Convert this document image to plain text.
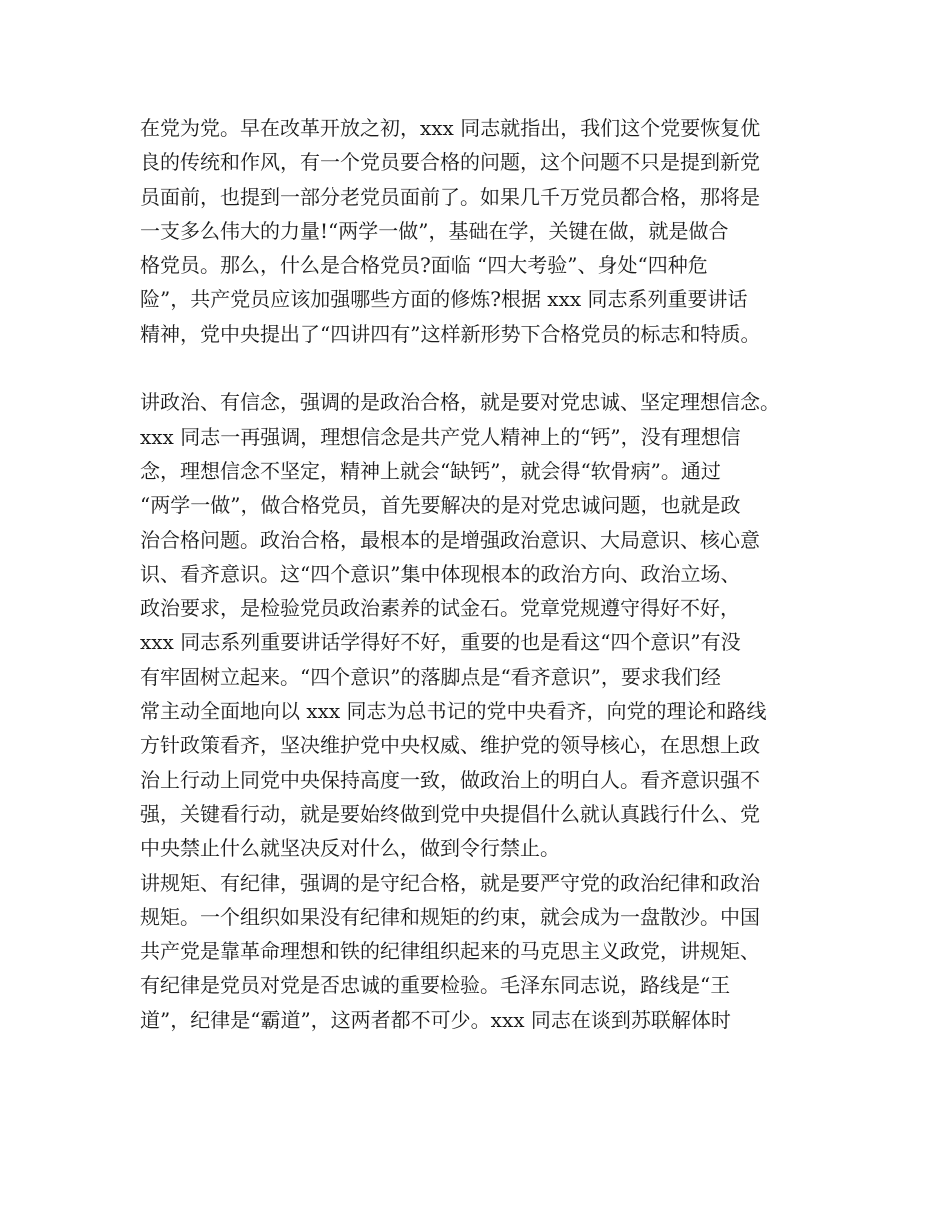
在党为党。早在改革开放之初，xxx 同志就指出，我们这个党要恢复优
良的传统和作风，有一个党员要合格的问题，这个问题不只是提到新党
员面前，也提到一部分老党员面前了。如果几千万党员都合格，那将是
一支多么伟大的力量!“两学一做”，基础在学，关键在做，就是做合
格党员。那么，什么是合格党员?面临 “四大考验”、身处“四种危
险”，共产党员应该加强哪些方面的修炼?根据 xxx 同志系列重要讲话
精神，党中央提出了“四讲四有”这样新形势下合格党员的标志和特质。
讲政治、有信念，强调的是政治合格，就是要对党忠诚、坚定理想信念。
xxx 同志一再强调，理想信念是共产党人精神上的“钙”，没有理想信
念，理想信念不坚定，精神上就会“缺钙”，就会得“软骨病”。通过
“两学一做”，做合格党员，首先要解决的是对党忠诚问题，也就是政
治合格问题。政治合格，最根本的是增强政治意识、大局意识、核心意
识、看齐意识。这“四个意识”集中体现根本的政治方向、政治立场、
政治要求，是检验党员政治素养的试金石。党章党规遵守得好不好，
xxx 同志系列重要讲话学得好不好，重要的也是看这“四个意识”有没
有牢固树立起来。“四个意识”的落脚点是“看齐意识”，要求我们经
常主动全面地向以 xxx 同志为总书记的党中央看齐，向党的理论和路线
方针政策看齐，坚决维护党中央权威、维护党的领导核心，在思想上政
治上行动上同党中央保持高度一致，做政治上的明白人。看齐意识强不
强，关键看行动，就是要始终做到党中央提倡什么就认真践行什么、党
中央禁止什么就坚决反对什么，做到令行禁止。
讲规矩、有纪律，强调的是守纪合格，就是要严守党的政治纪律和政治
规矩。一个组织如果没有纪律和规矩的约束，就会成为一盘散沙。中国
共产党是靠革命理想和铁的纪律组织起来的马克思主义政党，讲规矩、
有纪律是党员对党是否忠诚的重要检验。毛泽东同志说，路线是“王
道”，纪律是“霸道”，这两者都不可少。xxx 同志在谈到苏联解体时
